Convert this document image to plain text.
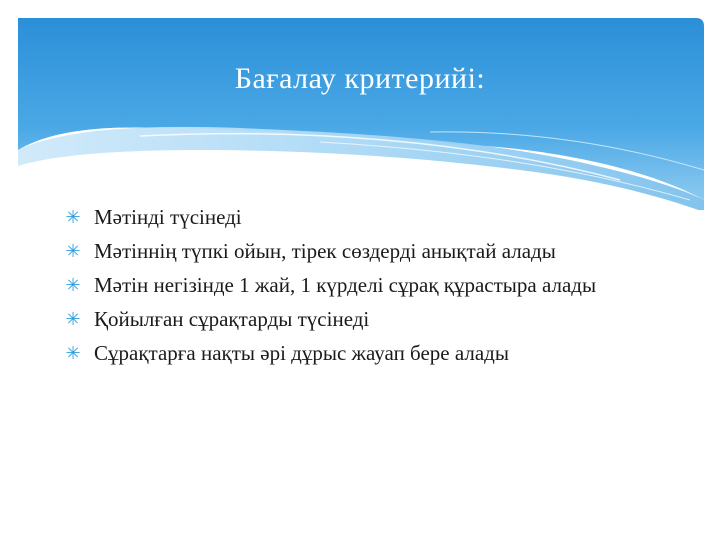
Бағалау критерийі:
✳ Мәтінді түсінеді
✳ Мәтіннің түпкі ойын, тірек сөздерді анықтай алады
✳ Мәтін негізінде 1 жай, 1 күрделі сұрақ құрастыра алады
✳ Қойылған сұрақтарды түсінеді
✳ Сұрақтарға нақты әрі дұрыс жауап бере алады
